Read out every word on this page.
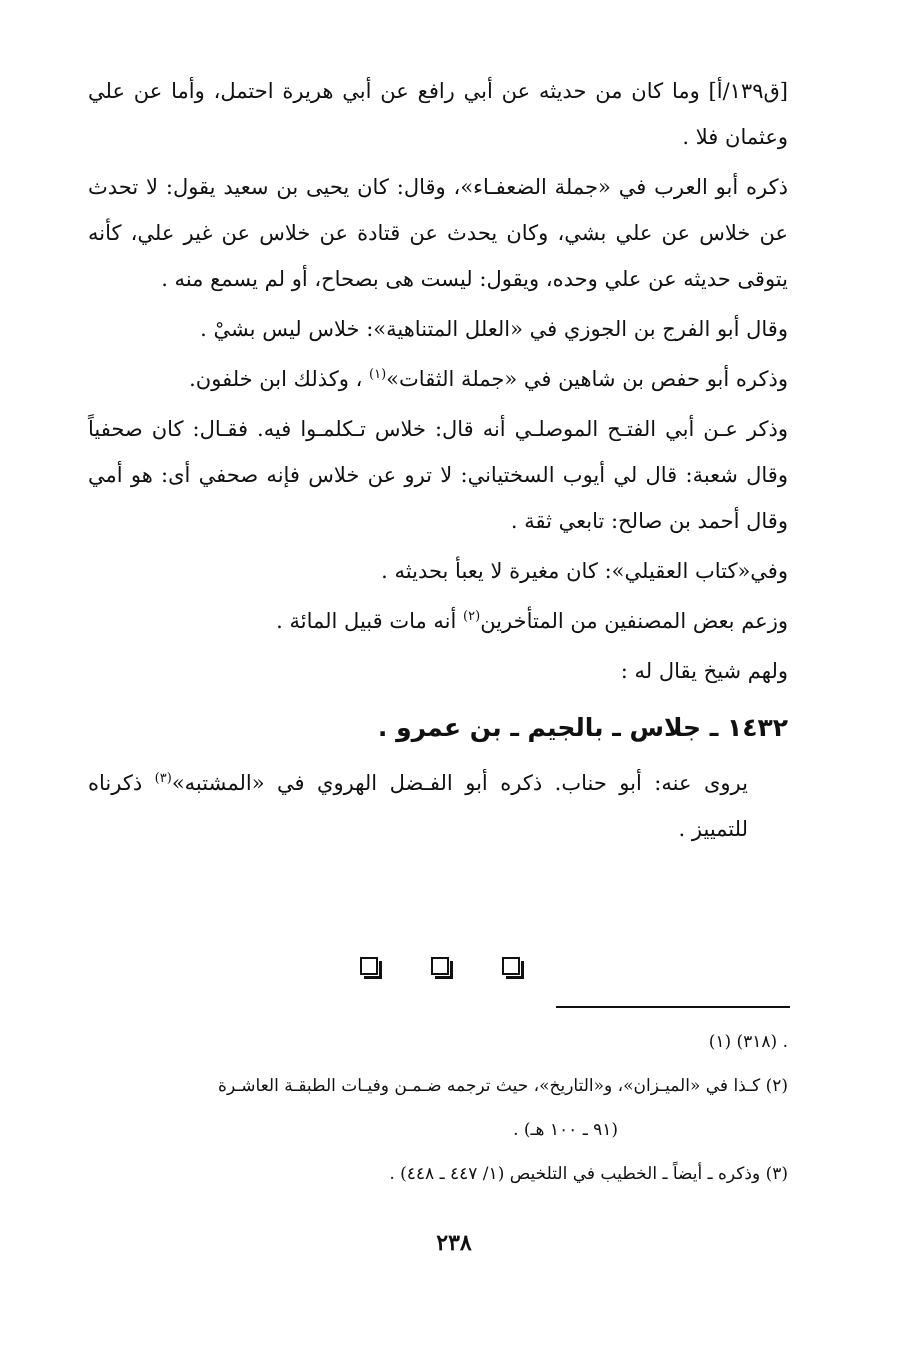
[ق١٣٩/أ] وما كان من حديثه عن أبي رافع عن أبي هريرة احتمل، وأما عن علي وعثمان فلا .

ذكره أبو العرب في «جملة الضعفـاء»، وقال: كان يحيى بن سعيد يقول: لا تحدث عن خلاس عن علي بشي، وكان يحدث عن قتادة عن خلاس عن غير علي، كأنه يتوقى حديثه عن علي وحده، ويقول: ليست هى بصحاح، أو لم يسمع منه .

وقال أبو الفرج بن الجوزي في «العلل المتناهية»: خلاس ليس بشيْ .

وذكره أبو حفص بن شاهين في «جملة الثقات»$^{(١)}$ ، وكذلك ابن خلفون.

وذكر عـن أبي الفتـح الموصلـي أنه قال: خلاس تـكلمـوا فيه. فقـال: كان صحفياً وقال شعبة: قال لي أيوب السختياني: لا ترو عن خلاس فإنه صحفي أى: هو أمي وقال أحمد بن صالح: تابعي ثقة .

وفي«كتاب العقيلي»: كان مغيرة لا يعبأ بحديثه .

وزعم بعض المصنفين من المتأخرين$^{(٢)}$ أنه مات قبيل المائة .

ولهم شيخ يقال له :

١٤٣٢ ـ جلاس ـ بالجيم ـ بن عمرو .

يروى عنه: أبو حناب. ذكره أبو الفـضل الهروي في «المشتبه»$^{(٣)}$ ذكرناه للتمييز .

. (٣١٨) (١)

(٢) كـذا في «الميـزان»، و«التاريخ»، حيث ترجمه ضـمـن وفيـات الطبقـة العاشـرة

(٩١ ـ ١٠٠ هـ) .

(٣) وذكره ـ أيضاً ـ الخطيب في التلخيص (١/ ٤٤٧ ـ ٤٤٨) .

٢٣٨
